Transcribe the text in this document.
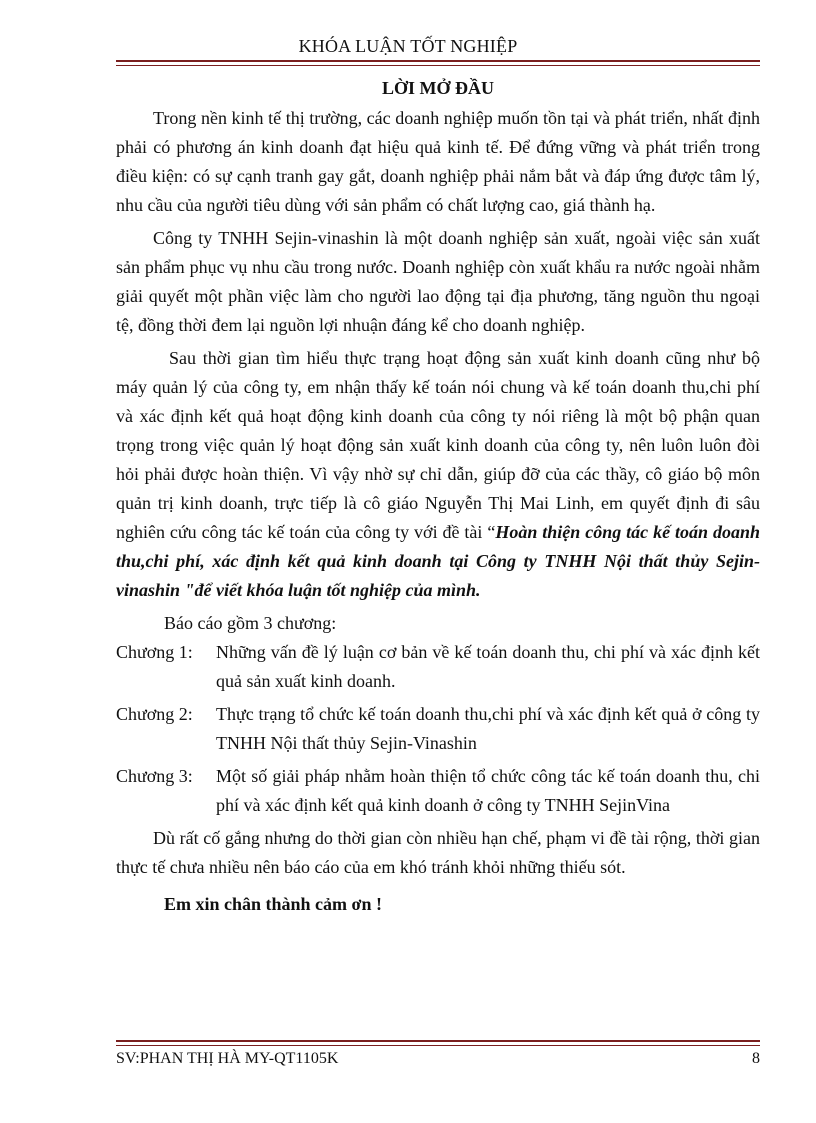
KHÓA LUẬN TỐT NGHIỆP
LỜI MỞ ĐẦU

Trong nền kinh tế thị trường, các doanh nghiệp muốn tồn tại và phát triển, nhất định phải có phương án kinh doanh đạt hiệu quả kinh tế. Để đứng vững và phát triển trong điều kiện: có sự cạnh tranh gay gắt, doanh nghiệp phải nắm bắt và đáp ứng được tâm lý, nhu cầu của người tiêu dùng với sản phẩm có chất lượng cao, giá thành hạ.

Công ty TNHH Sejin-vinashin là một doanh nghiệp sản xuất, ngoài việc sản xuất sản phẩm phục vụ nhu cầu trong nước. Doanh nghiệp còn xuất khẩu ra nước ngoài nhằm giải quyết một phần việc làm cho người lao động tại địa phương, tăng nguồn thu ngoại tệ, đồng thời đem lại nguồn lợi nhuận đáng kể cho doanh nghiệp.

Sau thời gian tìm hiểu thực trạng hoạt động sản xuất kinh doanh cũng như bộ máy quản lý của công ty, em nhận thấy kế toán nói chung và kế toán doanh thu,chi phí và xác định kết quả hoạt động kinh doanh của công ty nói riêng là một bộ phận quan trọng trong việc quản lý hoạt động sản xuất kinh doanh của công ty, nên luôn luôn đòi hỏi phải được hoàn thiện. Vì vậy nhờ sự chỉ dẫn, giúp đỡ của các thầy, cô giáo bộ môn quản trị kinh doanh, trực tiếp là cô giáo Nguyễn Thị Mai Linh, em quyết định đi sâu nghiên cứu công tác kế toán của công ty với đề tài “Hoàn thiện công tác kế toán doanh thu,chi phí, xác định kết quả kinh doanh tại Công ty TNHH Nội thất thủy Sejin-vinashin "để viết khóa luận tốt nghiệp của mình.

Báo cáo gồm 3 chương:

Chương 1:	Những vấn đề lý luận cơ bản về kế toán doanh thu, chi phí và xác định kết quả sản xuất kinh doanh.
Chương 2:	Thực trạng tổ chức kế toán doanh thu,chi phí và xác định kết quả ở công ty TNHH Nội thất thủy Sejin-Vinashin
Chương 3:	Một số giải pháp nhằm hoàn thiện tổ chức công tác kế toán doanh thu, chi phí và xác định kết quả kinh doanh ở công ty TNHH SejinVina

Dù rất cố gắng nhưng do thời gian còn nhiều hạn chế, phạm vi đề tài rộng, thời gian thực tế chưa nhiều nên báo cáo của em khó tránh khỏi những thiếu sót.

Em xin chân thành cảm ơn !

SV:PHAN THỊ HÀ MY-QT1105K	8
